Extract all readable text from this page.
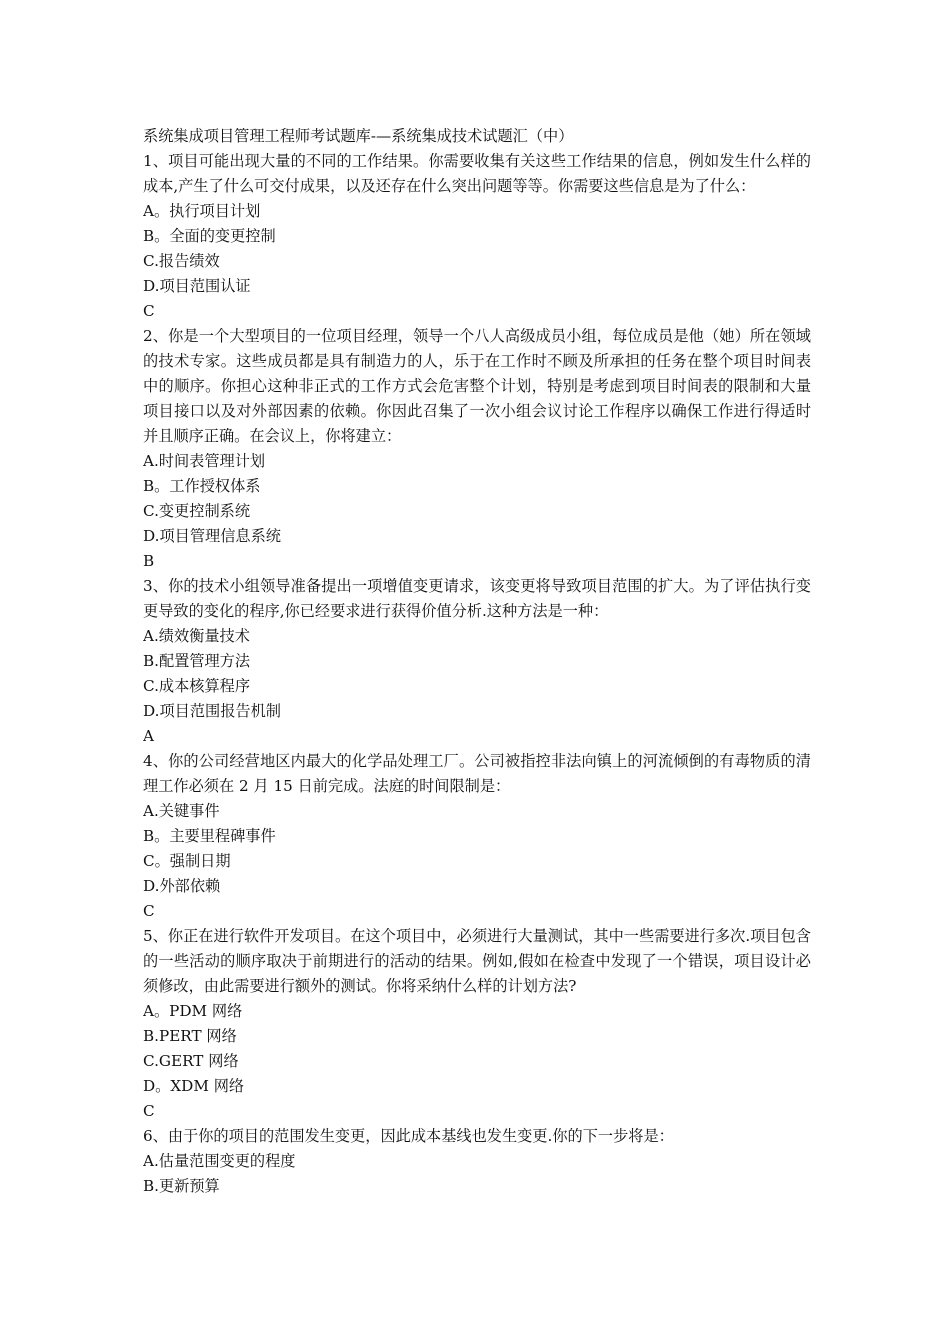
系统集成项目管理工程师考试题库-—系统集成技术试题汇（中）
1、项目可能出现大量的不同的工作结果。你需要收集有关这些工作结果的信息，例如发生什么样的成本,产生了什么可交付成果，以及还存在什么突出问题等等。你需要这些信息是为了什么：
A。执行项目计划
B。全面的变更控制
C.报告绩效
D.项目范围认证
C
2、你是一个大型项目的一位项目经理，领导一个八人高级成员小组，每位成员是他（她）所在领域的技术专家。这些成员都是具有制造力的人，乐于在工作时不顾及所承担的任务在整个项目时间表中的顺序。你担心这种非正式的工作方式会危害整个计划，特别是考虑到项目时间表的限制和大量项目接口以及对外部因素的依赖。你因此召集了一次小组会议讨论工作程序以确保工作进行得适时并且顺序正确。在会议上，你将建立：
A.时间表管理计划
B。工作授权体系
C.变更控制系统
D.项目管理信息系统
B
3、你的技术小组领导准备提出一项增值变更请求，该变更将导致项目范围的扩大。为了评估执行变更导致的变化的程序,你已经要求进行获得价值分析.这种方法是一种：
A.绩效衡量技术
B.配置管理方法
C.成本核算程序
D.项目范围报告机制
A
4、你的公司经营地区内最大的化学品处理工厂。公司被指控非法向镇上的河流倾倒的有毒物质的清理工作必须在 2 月 15 日前完成。法庭的时间限制是：
A.关键事件
B。主要里程碑事件
C。强制日期
D.外部依赖
C
5、你正在进行软件开发项目。在这个项目中，必须进行大量测试，其中一些需要进行多次.项目包含的一些活动的顺序取决于前期进行的活动的结果。例如,假如在检查中发现了一个错误，项目设计必须修改，由此需要进行额外的测试。你将采纳什么样的计划方法?
A。PDM 网络
B.PERT 网络
C.GERT 网络
D。XDM 网络
C
6、由于你的项目的范围发生变更，因此成本基线也发生变更.你的下一步将是：
A.估量范围变更的程度
B.更新预算
